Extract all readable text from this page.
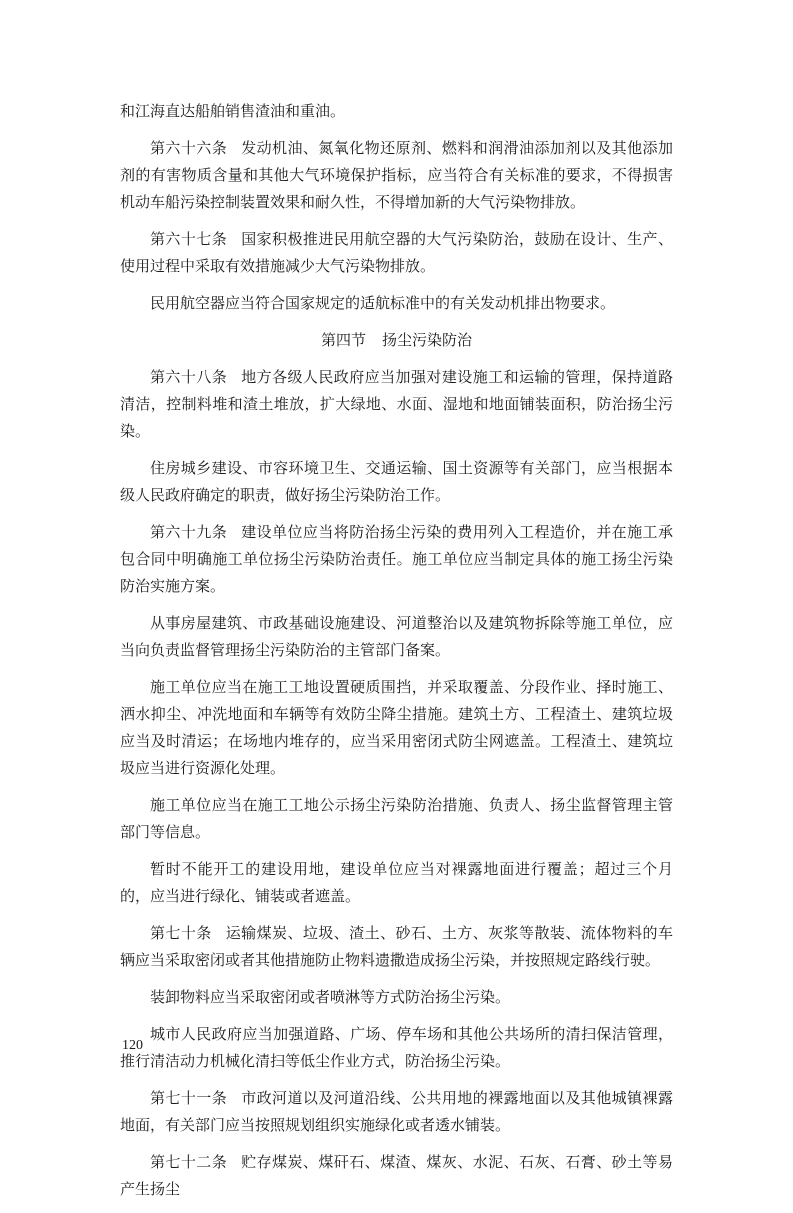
和江海直达船舶销售渣油和重油。

第六十六条 发动机油、氮氧化物还原剂、燃料和润滑油添加剂以及其他添加剂的有害物质含量和其他大气环境保护指标，应当符合有关标准的要求，不得损害机动车船污染控制装置效果和耐久性，不得增加新的大气污染物排放。

第六十七条 国家积极推进民用航空器的大气污染防治，鼓励在设计、生产、使用过程中采取有效措施减少大气污染物排放。

民用航空器应当符合国家规定的适航标准中的有关发动机排出物要求。

第四节 扬尘污染防治

第六十八条 地方各级人民政府应当加强对建设施工和运输的管理，保持道路清洁，控制料堆和渣土堆放，扩大绿地、水面、湿地和地面铺装面积，防治扬尘污染。

住房城乡建设、市容环境卫生、交通运输、国土资源等有关部门，应当根据本级人民政府确定的职责，做好扬尘污染防治工作。

第六十九条 建设单位应当将防治扬尘污染的费用列入工程造价，并在施工承包合同中明确施工单位扬尘污染防治责任。施工单位应当制定具体的施工扬尘污染防治实施方案。

从事房屋建筑、市政基础设施建设、河道整治以及建筑物拆除等施工单位，应当向负责监督管理扬尘污染防治的主管部门备案。

施工单位应当在施工工地设置硬质围挡，并采取覆盖、分段作业、择时施工、洒水抑尘、冲洗地面和车辆等有效防尘降尘措施。建筑土方、工程渣土、建筑垃圾应当及时清运；在场地内堆存的，应当采用密闭式防尘网遮盖。工程渣土、建筑垃圾应当进行资源化处理。

施工单位应当在施工工地公示扬尘污染防治措施、负责人、扬尘监督管理主管部门等信息。

暂时不能开工的建设用地，建设单位应当对裸露地面进行覆盖；超过三个月的，应当进行绿化、铺装或者遮盖。

第七十条 运输煤炭、垃圾、渣土、砂石、土方、灰浆等散装、流体物料的车辆应当采取密闭或者其他措施防止物料遗撒造成扬尘污染，并按照规定路线行驶。

装卸物料应当采取密闭或者喷淋等方式防治扬尘污染。

城市人民政府应当加强道路、广场、停车场和其他公共场所的清扫保洁管理，推行清洁动力机械化清扫等低尘作业方式，防治扬尘污染。

第七十一条 市政河道以及河道沿线、公共用地的裸露地面以及其他城镇裸露地面，有关部门应当按照规划组织实施绿化或者透水铺装。

第七十二条 贮存煤炭、煤矸石、煤渣、煤灰、水泥、石灰、石膏、砂土等易产生扬尘

120
